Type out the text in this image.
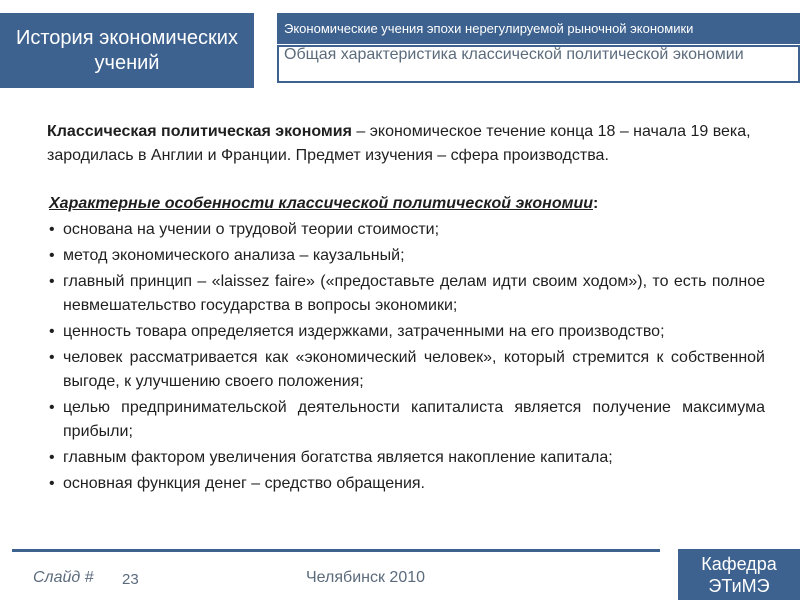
История экономических учений
Экономические учения эпохи нерегулируемой рыночной экономики
Общая характеристика классической политической экономии

Классическая политическая экономия – экономическое течение конца 18 – начала 19 века, зародилась в Англии и Франции. Предмет изучения – сфера производства.

Характерные особенности классической политической экономии:

• основана на учении о трудовой теории стоимости;
• метод экономического анализа – каузальный;
• главный принцип – «laissez faire» («предоставьте делам идти своим ходом»), то есть полное невмешательство государства в вопросы экономики;
• ценность товара определяется издержками, затраченными на его производство;
• человек рассматривается как «экономический человек», который стремится к собственной выгоде, к улучшению своего положения;
• целью предпринимательской деятельности капиталиста является получение максимума прибыли;
• главным фактором увеличения богатства является накопление капитала;
• основная функция денег – средство обращения.
Слайд # 23	Челябинск 2010
Кафедра ЭТиМЭ
